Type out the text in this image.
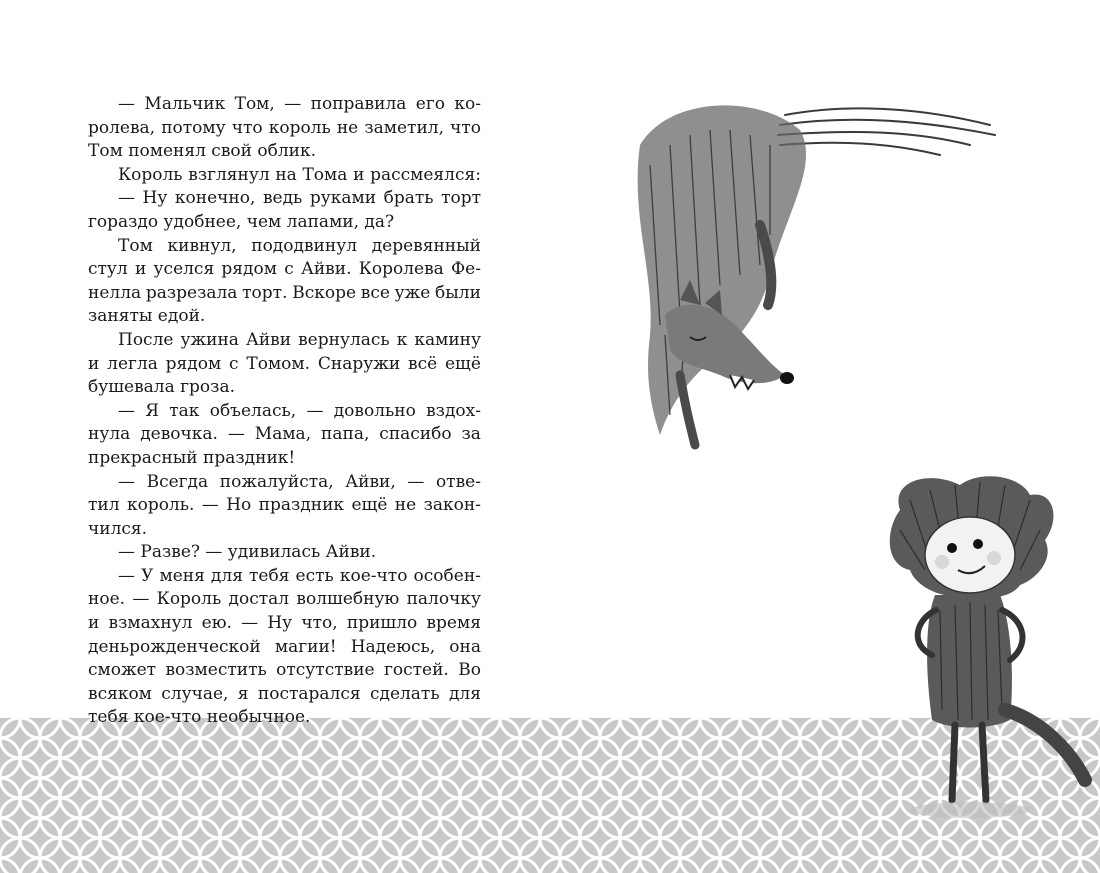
— Мальчик Том, — поправила его ко-
ролева, потому что король не заметил, что
Том поменял свой облик.
Король взглянул на Тома и рассмеялся:
— Ну конечно, ведь руками брать торт
гораздо удобнее, чем лапами, да?
Том кивнул, пододвинул деревянный
стул и уселся рядом с Айви. Королева Фе-
нелла разрезала торт. Вскоре все уже были
заняты едой.
После ужина Айви вернулась к камину
и легла рядом с Томом. Снаружи всё ещё
бушевала гроза.
— Я так объелась, — довольно вздох-
нула девочка. — Мама, папа, спасибо за
прекрасный праздник!
— Всегда пожалуйста, Айви, — отве-
тил король. — Но праздник ещё не закон-
чился.
— Разве? — удивилась Айви.
— У меня для тебя есть кое-что особен-
ное. — Король достал волшебную палочку
и взмахнул ею. — Ну что, пришло время
деньрожденческой магии! Надеюсь, она
сможет возместить отсутствие гостей. Во
всяком случае, я постарался сделать для
тебя кое-что необычное.
